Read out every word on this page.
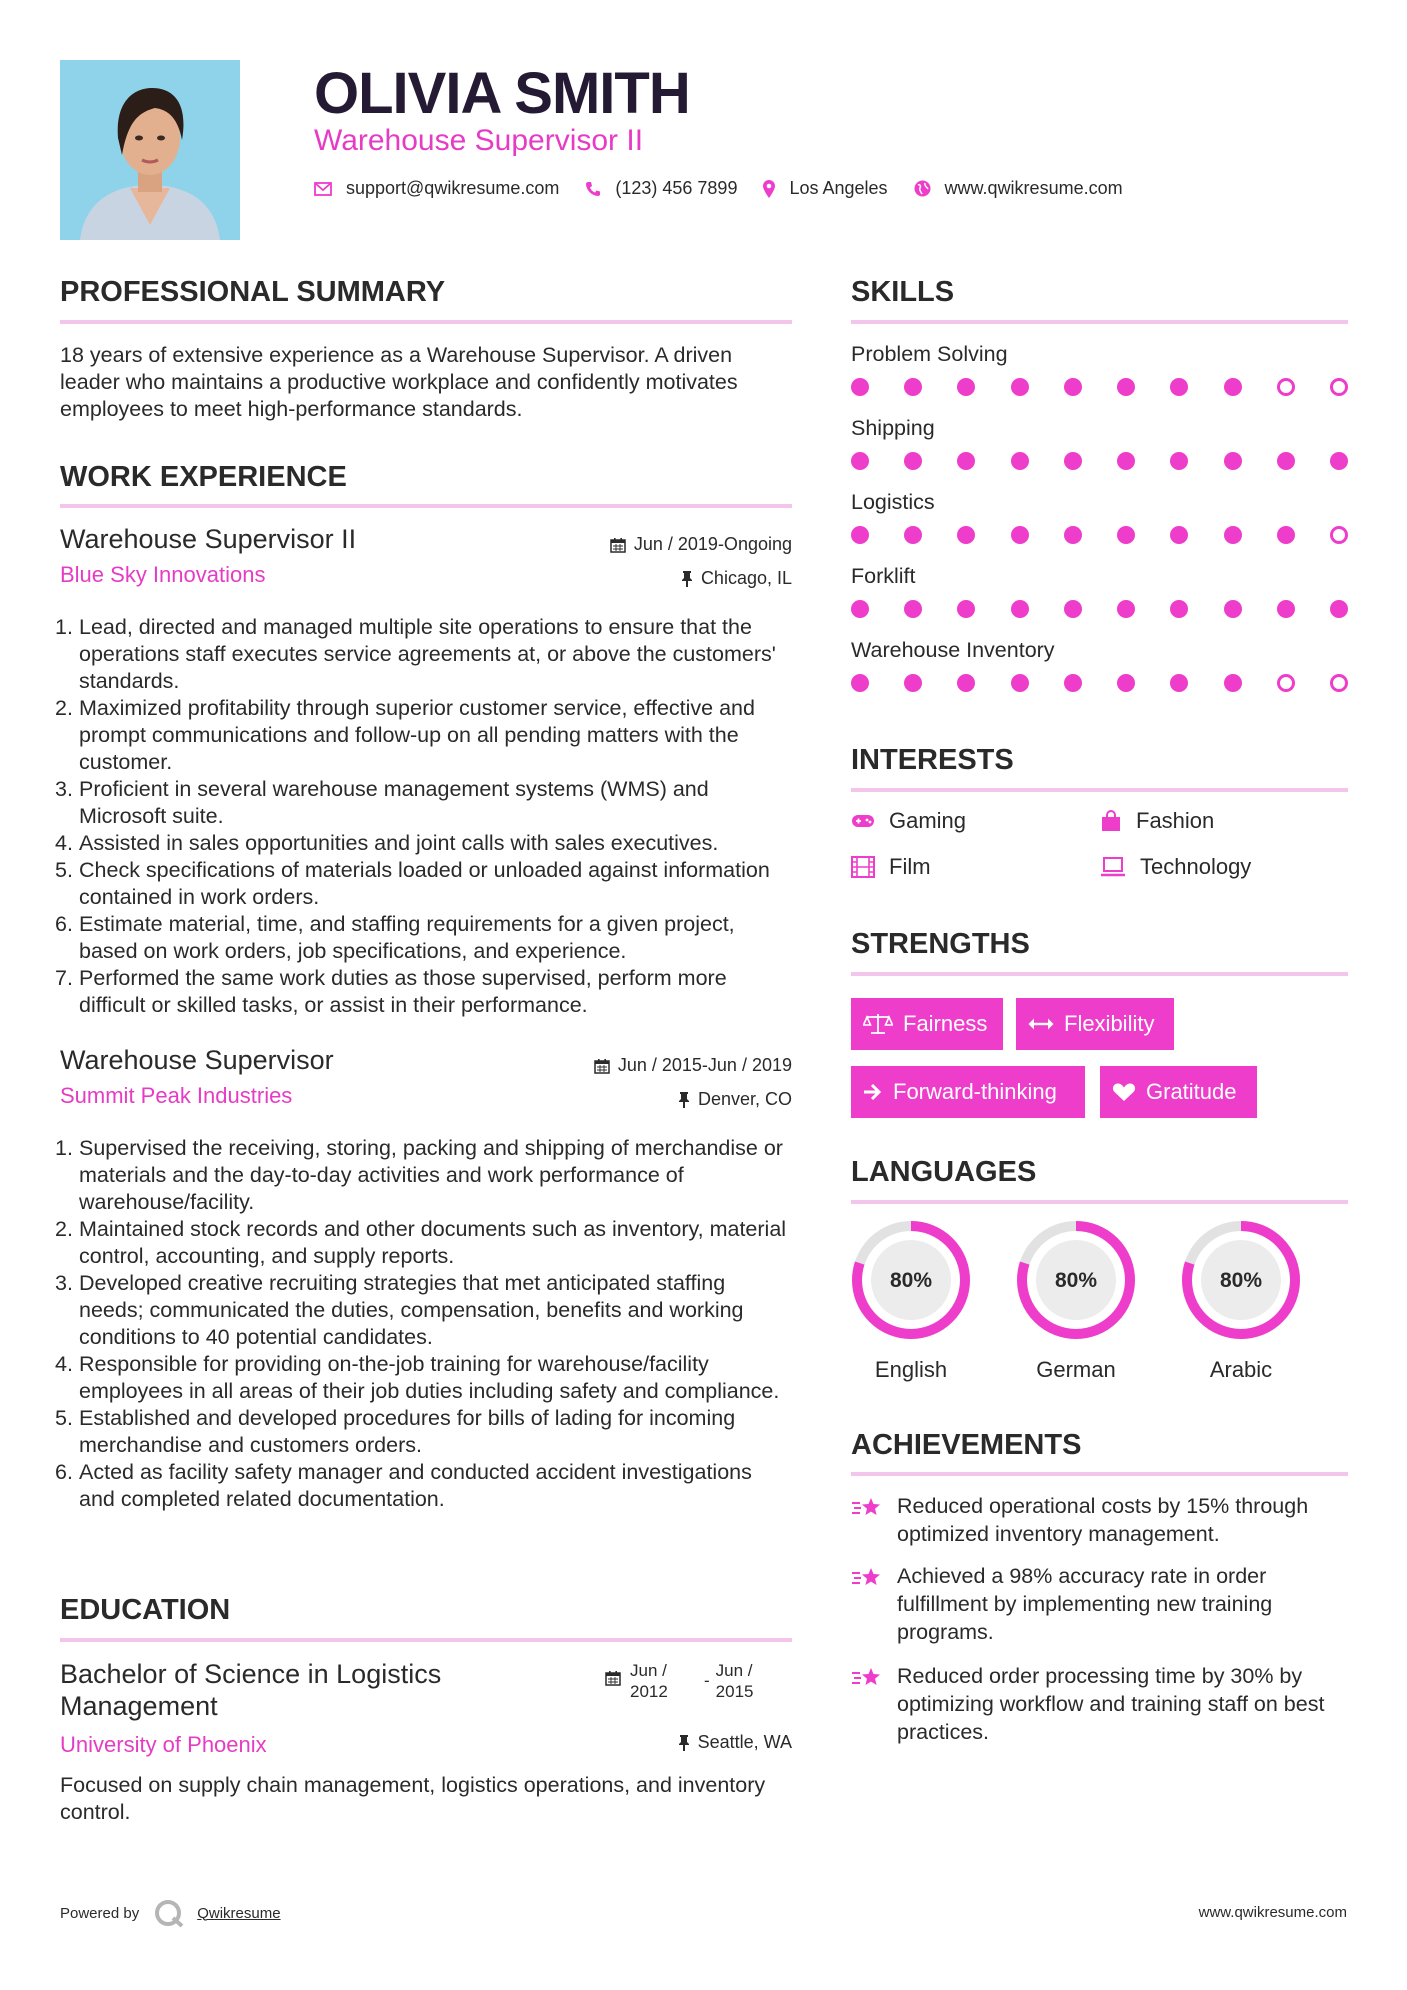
OLIVIA SMITH
Warehouse Supervisor II
support@qwikresume.com	(123) 456 7899	Los Angeles	www.qwikresume.com
PROFESSIONAL SUMMARY
18 years of extensive experience as a Warehouse Supervisor. A driven leader who maintains a productive workplace and confidently motivates employees to meet high-performance standards.
WORK EXPERIENCE
Warehouse Supervisor II
Blue Sky Innovations
Jun / 2019-Ongoing
Chicago, IL
Lead, directed and managed multiple site operations to ensure that the operations staff executes service agreements at, or above the customers' standards.
Maximized profitability through superior customer service, effective and prompt communications and follow-up on all pending matters with the customer.
Proficient in several warehouse management systems (WMS) and Microsoft suite.
Assisted in sales opportunities and joint calls with sales executives.
Check specifications of materials loaded or unloaded against information contained in work orders.
Estimate material, time, and staffing requirements for a given project, based on work orders, job specifications, and experience.
Performed the same work duties as those supervised, perform more difficult or skilled tasks, or assist in their performance.
Warehouse Supervisor
Summit Peak Industries
Jun / 2015-Jun / 2019
Denver, CO
Supervised the receiving, storing, packing and shipping of merchandise or materials and the day-to-day activities and work performance of warehouse/facility.
Maintained stock records and other documents such as inventory, material control, accounting, and supply reports.
Developed creative recruiting strategies that met anticipated staffing needs; communicated the duties, compensation, benefits and working conditions to 40 potential candidates.
Responsible for providing on-the-job training for warehouse/facility employees in all areas of their job duties including safety and compliance.
Established and developed procedures for bills of lading for incoming merchandise and customers orders.
Acted as facility safety manager and conducted accident investigations and completed related documentation.
EDUCATION
Bachelor of Science in Logistics Management
University of Phoenix
Jun / 2012
-
Jun / 2015
Seattle, WA
Focused on supply chain management, logistics operations, and inventory control.
SKILLS
Problem Solving
Shipping
Logistics
Forklift
Warehouse Inventory
INTERESTS
Gaming	Fashion
Film	Technology
STRENGTHS
Fairness	Flexibility
Forward-thinking	Gratitude
LANGUAGES
80%
English
80%
German
80%
Arabic
ACHIEVEMENTS
Reduced operational costs by 15% through optimized inventory management.
Achieved a 98% accuracy rate in order fulfillment by implementing new training programs.
Reduced order processing time by 30% by optimizing workflow and training staff on best practices.
Powered by	Qwikresume	www.qwikresume.com
